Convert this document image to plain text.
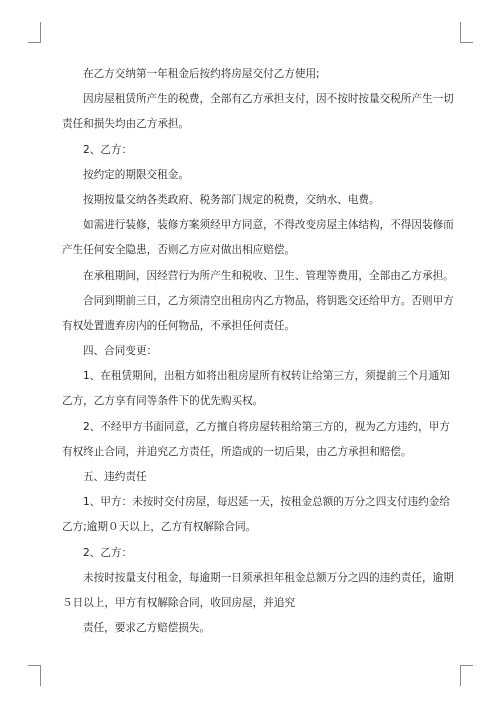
在乙方交纳第一年租金后按约将房屋交付乙方使用;
因房屋租赁所产生的税费，全部有乙方承担支付，因不按时按量交税所产生一切
责任和损失均由乙方承担。
2、乙方：
按约定的期限交租金。
按期按量交纳各类政府、税务部门规定的税费，交纳水、电费。
如需进行装修，装修方案须经甲方同意，不得改变房屋主体结构，不得因装修而
产生任何安全隐患，否则乙方应对做出相应赔偿。
在承租期间，因经营行为所产生和税收、卫生、管理等费用，全部由乙方承担。
合同到期前三日，乙方须清空出租房内乙方物品，将钥匙交还给甲方。否则甲方
有权处置遗弃房内的任何物品，不承担任何责任。
四、合同变更：
1、在租赁期间，出租方如将出租房屋所有权转让给第三方，须提前三个月通知
乙方，乙方享有同等条件下的优先购买权。
2、不经甲方书面同意，乙方擅自将房屋转租给第三方的，视为乙方违约，甲方
有权终止合同，并追究乙方责任，所造成的一切后果，由乙方承担和赔偿。
五、违约责任
1、甲方：未按时交付房屋，每迟延一天，按租金总额的万分之四支付违约金给
乙方;逾期０天以上，乙方有权解除合同。
2、乙方：
未按时按量支付租金，每逾期一日须承担年租金总额万分之四的违约责任，逾期
５日以上，甲方有权解除合同，收回房屋，并追究
责任，要求乙方赔偿损失。
